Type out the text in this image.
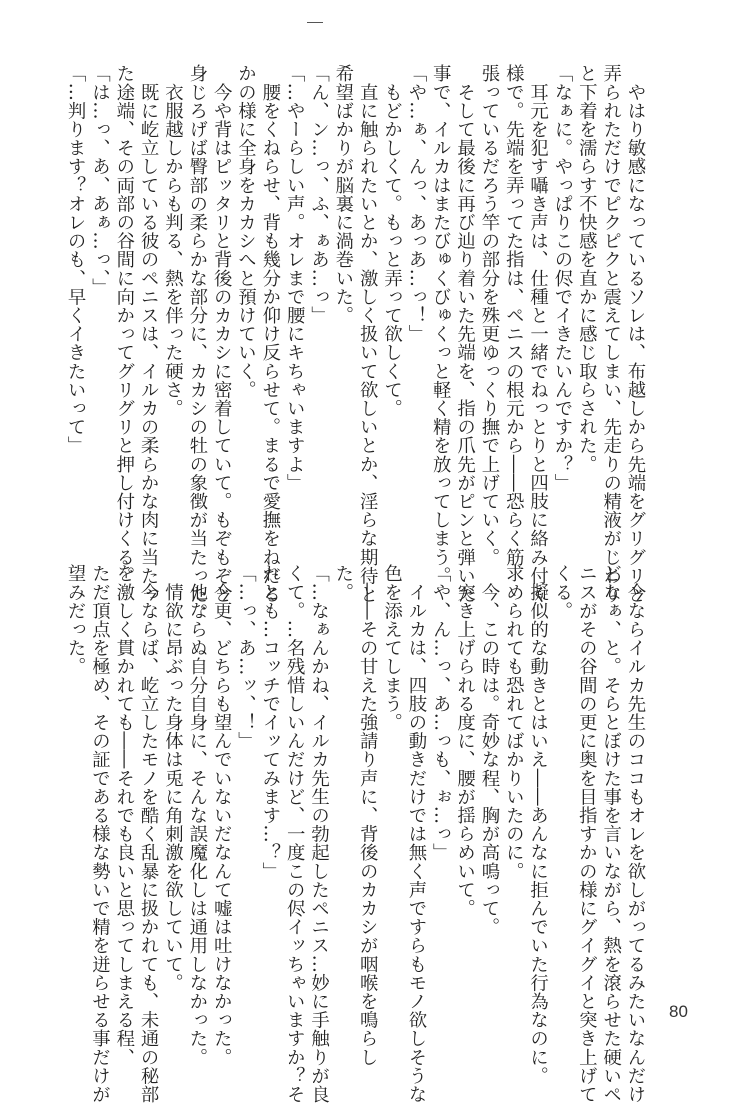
　やはり敏感になっているソレは、布越しから先端をグリグリと
弄られただけでピクピクと震えてしまい、先走りの精液がじわり
と下着を濡らす不快感を直かに感じ取らされた。
「なぁに。やっぱりこの侭でイきたいんですか？」
　耳元を犯す囁き声は、仕種と一緒でねっとりと四肢に絡み付く
様で。先端を弄ってた指は、ペニスの根元から――恐らく筋
張っているだろう竿の部分を殊更ゆっくり撫で上げていく。
　そして最後に再び辿り着いた先端を、指の爪先がピンと弾いた
事で、イルカはまたびゅくびゅくっと軽く精を放ってしまう。
「や…ぁ、んっ、あっあ…っ！」
　もどかしくて。もっと弄って欲しくて。
　直に触られたいとか、激しく扱いて欲しいとか、淫らな期待と
希望ばかりが脳裏に渦巻いた。
「ん、ン…っ、ふ、ぁあ…っ」
「…やーらしい声。オレまで腰にキちゃいますよ」
　腰をくねらせ、背も幾分か仰け反らせて。まるで愛撫をねだる
かの様に全身をカカシへと預けていく。
　今や背はピッタリと背後のカカシに密着していて。もぞもぞと
身じろげば臀部の柔らかな部分に、カカシの牡の象徴が当たった。
　衣服越しからも判る、熱を伴った硬さ。
　既に屹立している彼のペニスは、イルカの柔らかな肉に当たっ
た途端、その両部の谷間に向かってグリグリと押し付けくる。
「は…っ、あ、あぁ…っ、」
「…判ります？オレのも、早くイきたいって」
　今ならイルカ先生のココもオレを欲しがってるみたいなんだけ
どなぁ、と。そらとぼけた事を言いながら、熱を滾らせた硬いペ
ニスがその谷間の更に奥を目指すかの様にグイグイと突き上げて
くる。
　擬似的な動きとはいえ――あんなに拒んでいた行為なのに。
求められても恐れてばかりいたのに。
　今、この時は。奇妙な程、胸が高鳴って。
　突き上げられる度に、腰が揺らめいて。
「や、ん…っ、あ…っも、ぉ…っ」
　イルカは、四肢の動きだけでは無く声ですらもモノ欲しそうな
色を添えてしまう。
　――その甘えた強請り声に、背後のカカシが咽喉を鳴らし
た。
「…なぁんかね、イルカ先生の勃起したペニス…妙に手触りが良
くて。…名残惜しいんだけど、一度この侭イッちゃいますか？そ
れとも…コッチでイッてみます…？」
「…っ、あ…ッ、！」
　今更、どちらも望んでいないだなんて嘘は吐けなかった。
　他ならぬ自分自身に、そんな誤魔化しは通用しなかった。
　情欲に昂ぶった身体は兎に角刺激を欲していて。
　今ならば、屹立したモノを酷く乱暴に扱かれても、未通の秘部
を激しく貫かれても――それでも良いと思ってしまえる程、
ただ頂点を極め、その証である様な勢いで精を迸らせる事だけが
望みだった。
80
